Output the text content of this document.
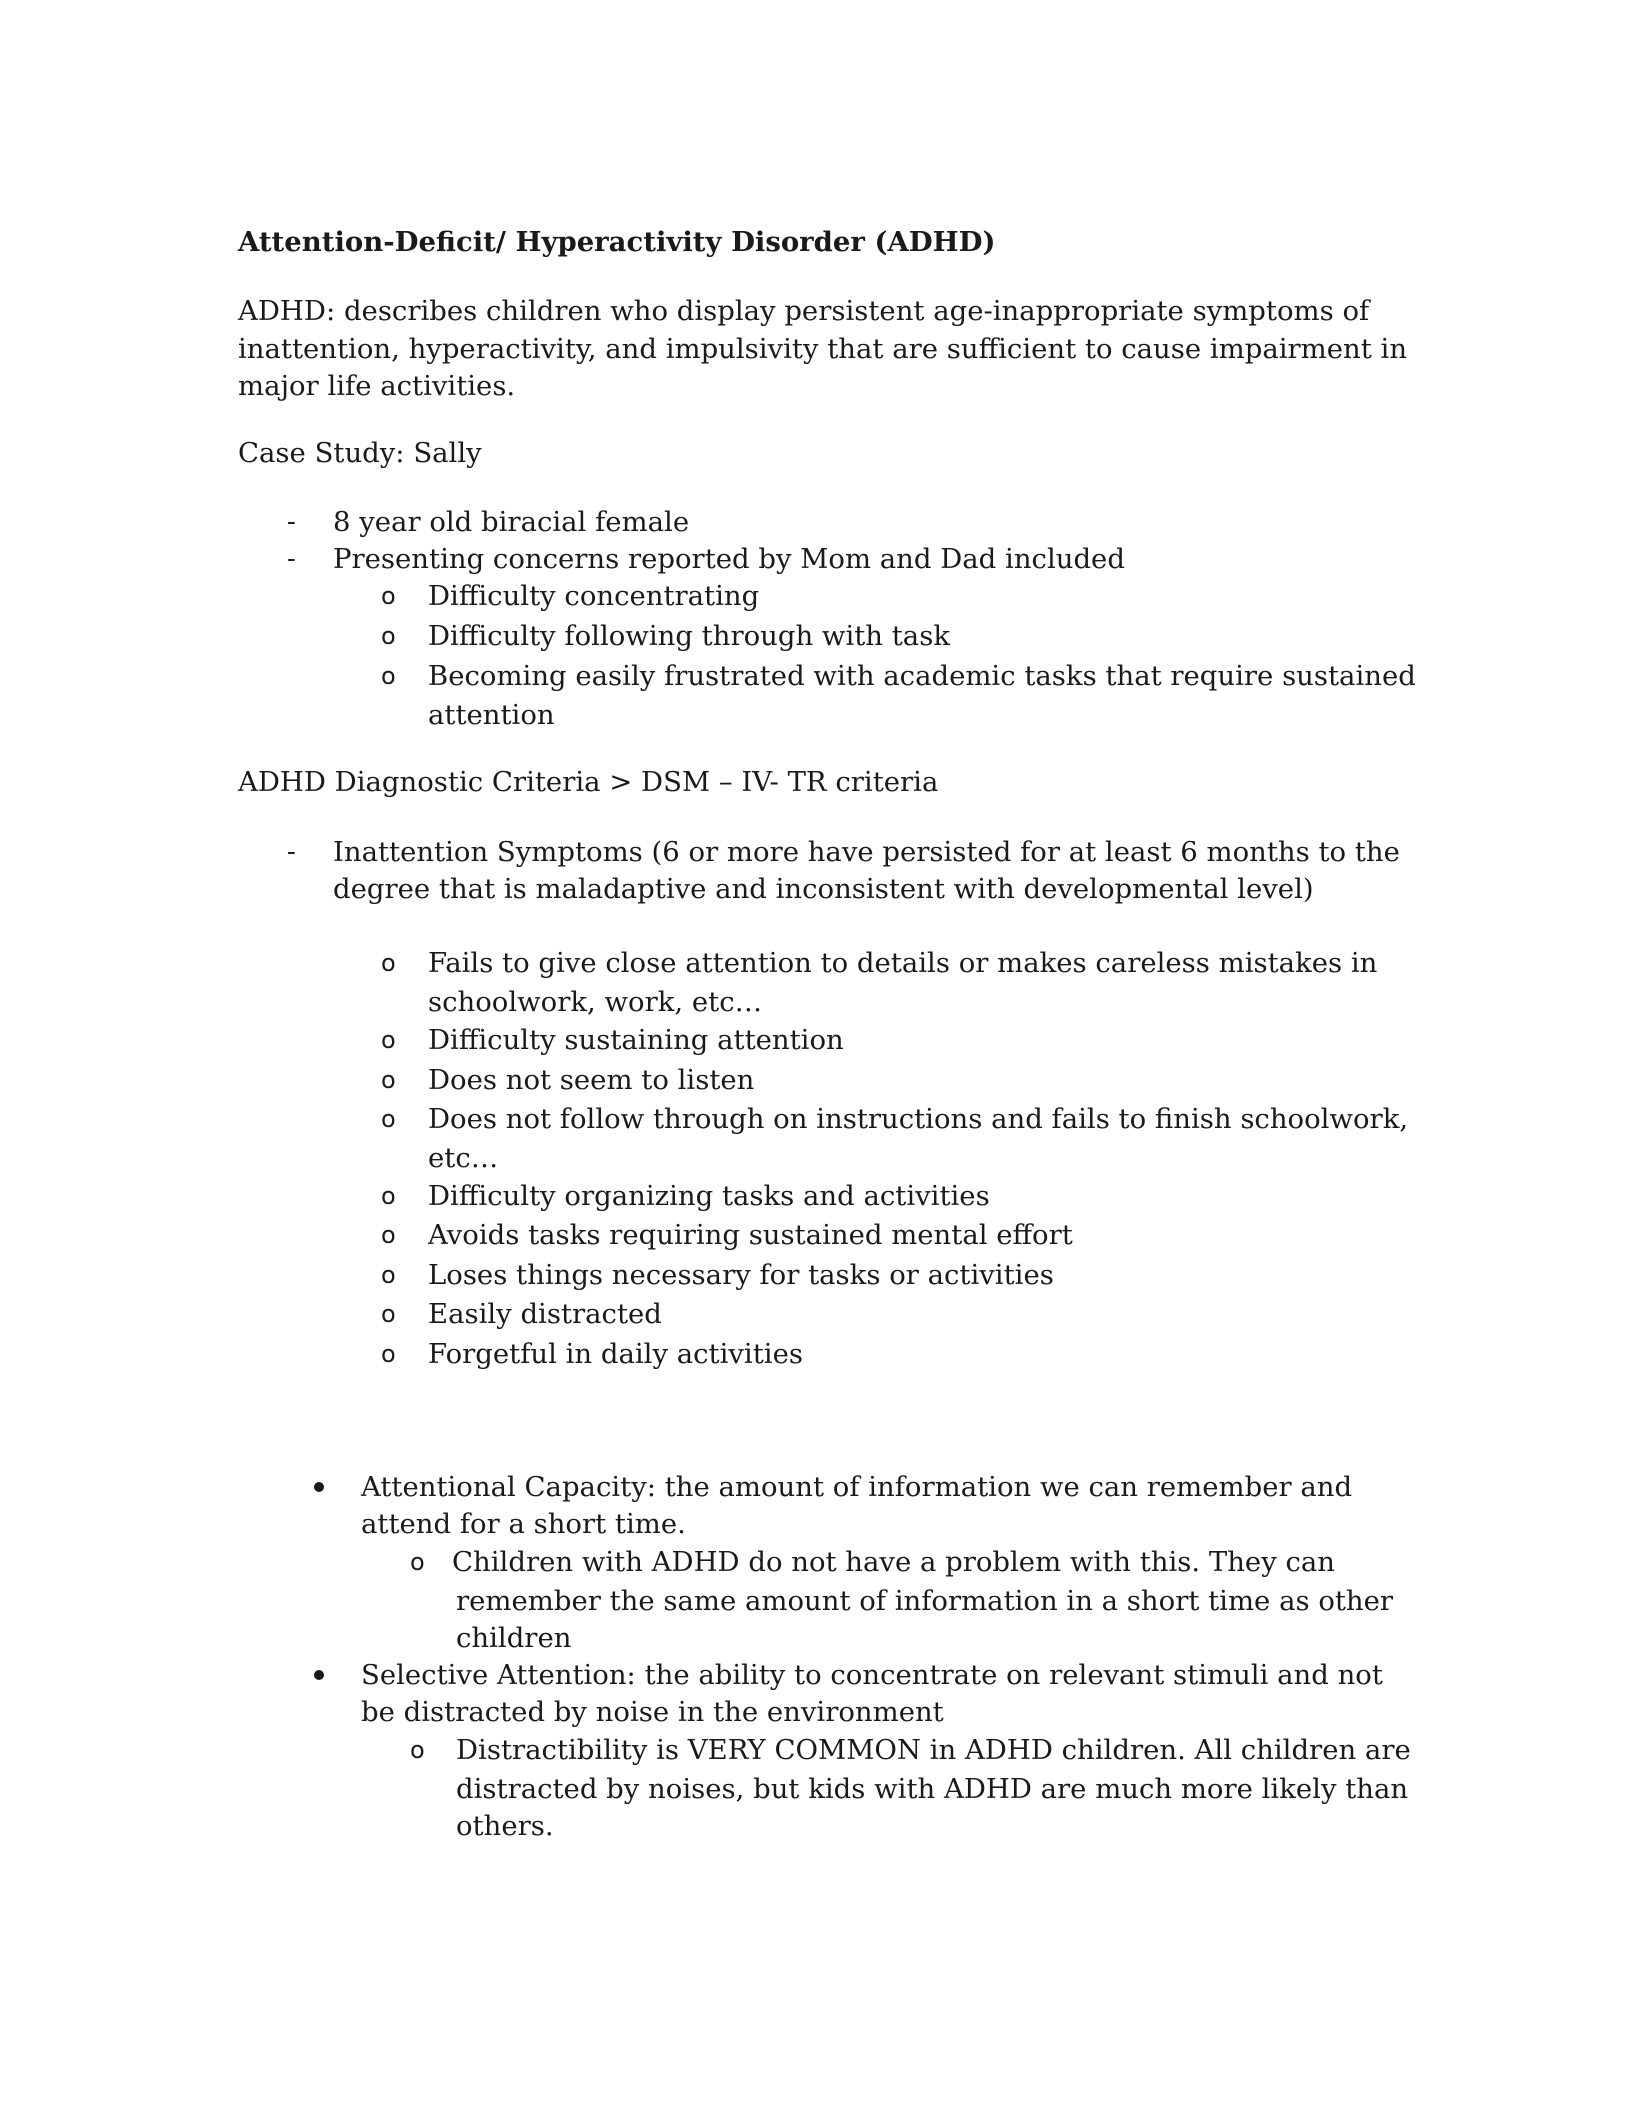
Attention-Deficit/ Hyperactivity Disorder (ADHD)
ADHD: describes children who display persistent age-inappropriate symptoms of
inattention, hyperactivity, and impulsivity that are sufficient to cause impairment in
major life activities.
Case Study: Sally
- 8 year old biracial female
- Presenting concerns reported by Mom and Dad included
o Difficulty concentrating
o Difficulty following through with task
o Becoming easily frustrated with academic tasks that require sustained
attention
ADHD Diagnostic Criteria > DSM – IV- TR criteria
- Inattention Symptoms (6 or more have persisted for at least 6 months to the
degree that is maladaptive and inconsistent with developmental level)
o Fails to give close attention to details or makes careless mistakes in
schoolwork, work, etc…
o Difficulty sustaining attention
o Does not seem to listen
o Does not follow through on instructions and fails to finish schoolwork,
etc…
o Difficulty organizing tasks and activities
o Avoids tasks requiring sustained mental effort
o Loses things necessary for tasks or activities
o Easily distracted
o Forgetful in daily activities
Attentional Capacity: the amount of information we can remember and
attend for a short time.
o Children with ADHD do not have a problem with this. They can
remember the same amount of information in a short time as other
children
Selective Attention: the ability to concentrate on relevant stimuli and not
be distracted by noise in the environment
o Distractibility is VERY COMMON in ADHD children. All children are
distracted by noises, but kids with ADHD are much more likely than
others.
